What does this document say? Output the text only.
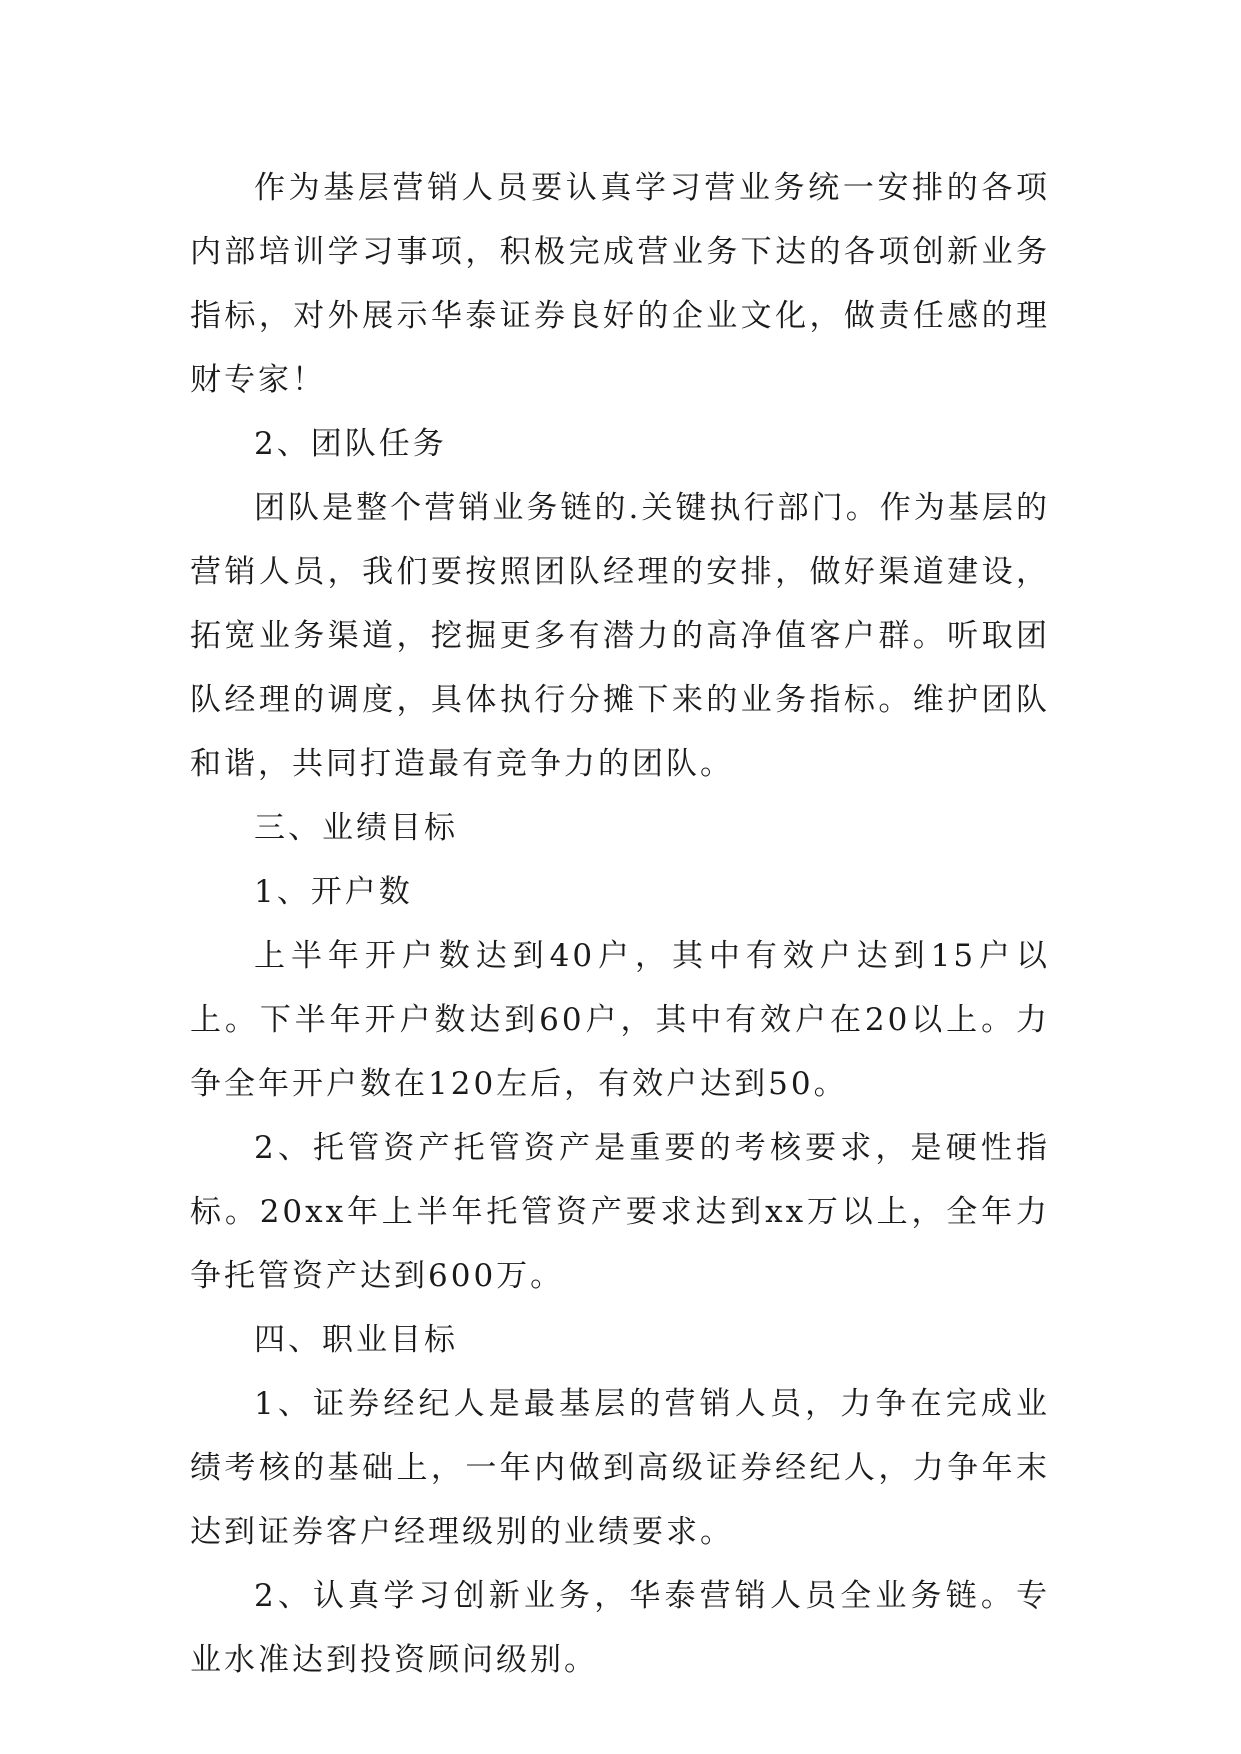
作为基层营销人员要认真学习营业务统一安排的各项内部培训学习事项，积极完成营业务下达的各项创新业务指标，对外展示华泰证券良好的企业文化，做责任感的理财专家！

2、团队任务

团队是整个营销业务链的.关键执行部门。作为基层的营销人员，我们要按照团队经理的安排，做好渠道建设，拓宽业务渠道，挖掘更多有潜力的高净值客户群。听取团队经理的调度，具体执行分摊下来的业务指标。维护团队和谐，共同打造最有竞争力的团队。

三、业绩目标

1、开户数

上半年开户数达到40户，其中有效户达到15户以上。下半年开户数达到60户，其中有效户在20以上。力争全年开户数在120左后，有效户达到50。

2、托管资产托管资产是重要的考核要求，是硬性指标。20xx年上半年托管资产要求达到xx万以上，全年力争托管资产达到600万。

四、职业目标

1、证券经纪人是最基层的营销人员，力争在完成业绩考核的基础上，一年内做到高级证券经纪人，力争年末达到证券客户经理级别的业绩要求。

2、认真学习创新业务，华泰营销人员全业务链。专业水准达到投资顾问级别。
